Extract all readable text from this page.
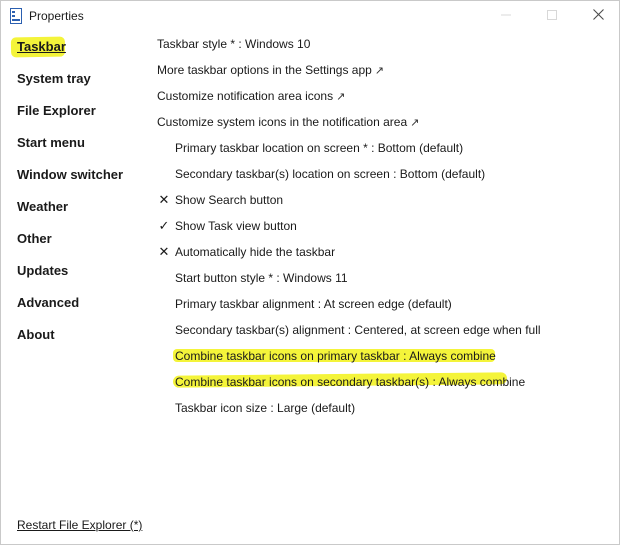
Properties
Taskbar
System tray
File Explorer
Start menu
Window switcher
Weather
Other
Updates
Advanced
About
Taskbar style * : Windows 10
More taskbar options in the Settings app ↗
Customize notification area icons ↗
Customize system icons in the notification area ↗
Primary taskbar location on screen * : Bottom (default)
Secondary taskbar(s) location on screen : Bottom (default)
✕ Show Search button
✓ Show Task view button
✕ Automatically hide the taskbar
Start button style * : Windows 11
Primary taskbar alignment : At screen edge (default)
Secondary taskbar(s) alignment : Centered, at screen edge when full
Combine taskbar icons on primary taskbar : Always combine
Combine taskbar icons on secondary taskbar(s) : Always combine
Taskbar icon size : Large (default)
Restart File Explorer (*)
